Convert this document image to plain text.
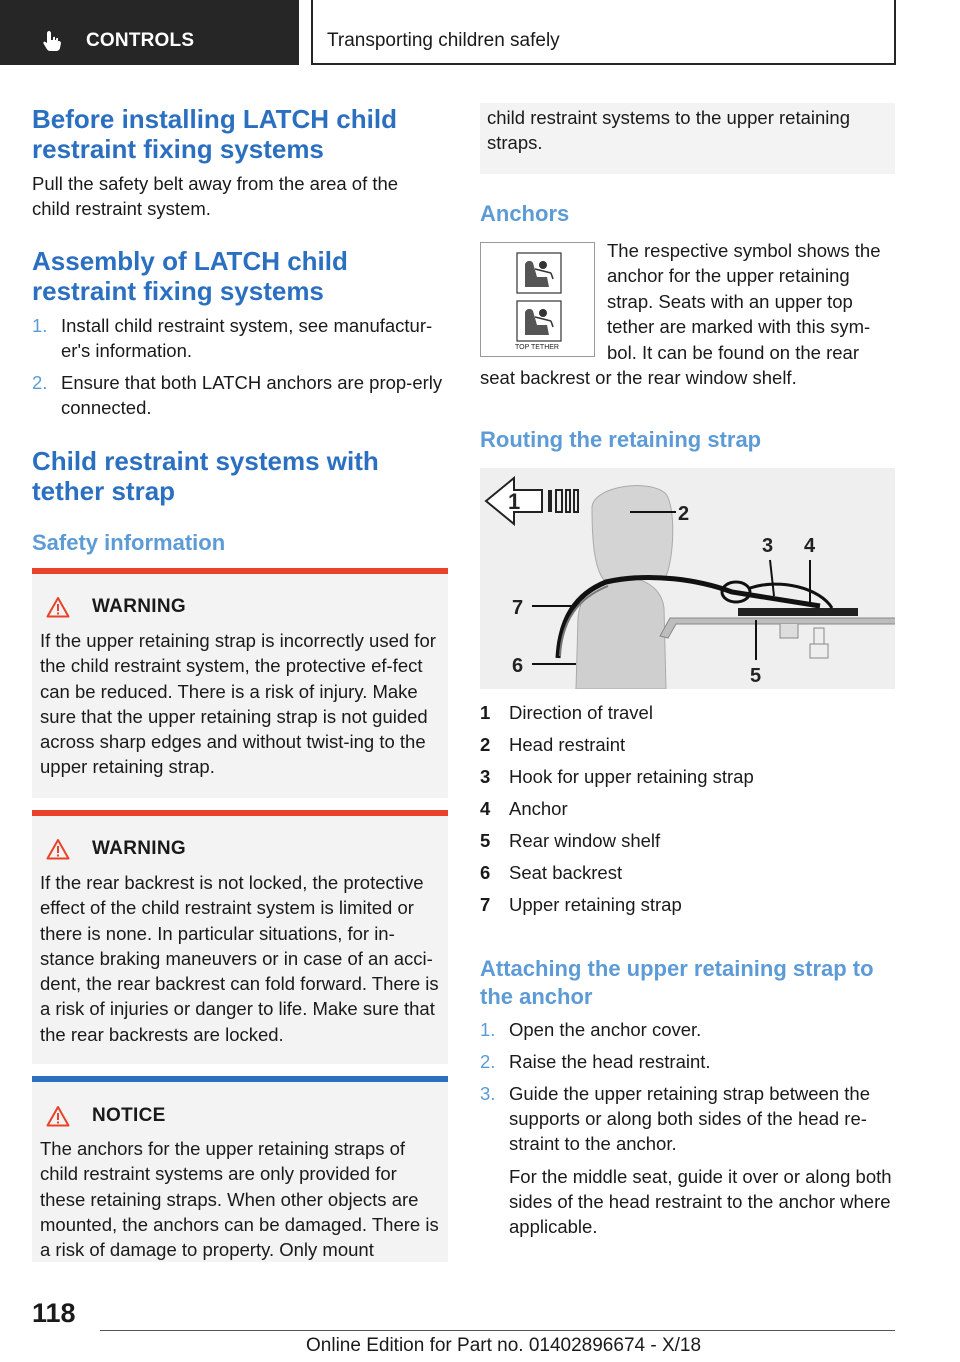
CONTROLS	Transporting children safely
Before installing LATCH child restraint fixing systems
Pull the safety belt away from the area of the child restraint system.
Assembly of LATCH child restraint fixing systems
1. Install child restraint system, see manufactur‐er's information.
2. Ensure that both LATCH anchors are prop‐erly connected.
Child restraint systems with tether strap
Safety information
WARNING
If the upper retaining strap is incorrectly used for the child restraint system, the protective ef‐fect can be reduced. There is a risk of injury. Make sure that the upper retaining strap is not guided across sharp edges and without twist‐ing to the upper retaining strap.
WARNING
If the rear backrest is not locked, the protective effect of the child restraint system is limited or there is none. In particular situations, for in‐stance braking maneuvers or in case of an acci‐dent, the rear backrest can fold forward. There is a risk of injuries or danger to life. Make sure that the rear backrests are locked.
NOTICE
The anchors for the upper retaining straps of child restraint systems are only provided for these retaining straps. When other objects are mounted, the anchors can be damaged. There is a risk of damage to property. Only mount
child restraint systems to the upper retaining straps.
Anchors
TOP TETHER
The respective symbol shows the anchor for the upper retaining strap. Seats with an upper top tether are marked with this sym‐bol. It can be found on the rear
Routing the retaining strap
1	2
3 4
5
6
7
1 Direction of travel
2 Head restraint
3 Hook for upper retaining strap
4 Anchor
5 Rear window shelf
6 Seat backrest
7 Upper retaining strap
Attaching the upper retaining strap to the anchor
1. Open the anchor cover.
2. Raise the head restraint.
3. Guide the upper retaining strap between the supports or along both sides of the head re‐straint to the anchor.
For the middle seat, guide it over or along both sides of the head restraint to the anchor where applicable.
118
Online Edition for Part no. 01402896674 - X/18
seat backrest or the rear window shelf.
